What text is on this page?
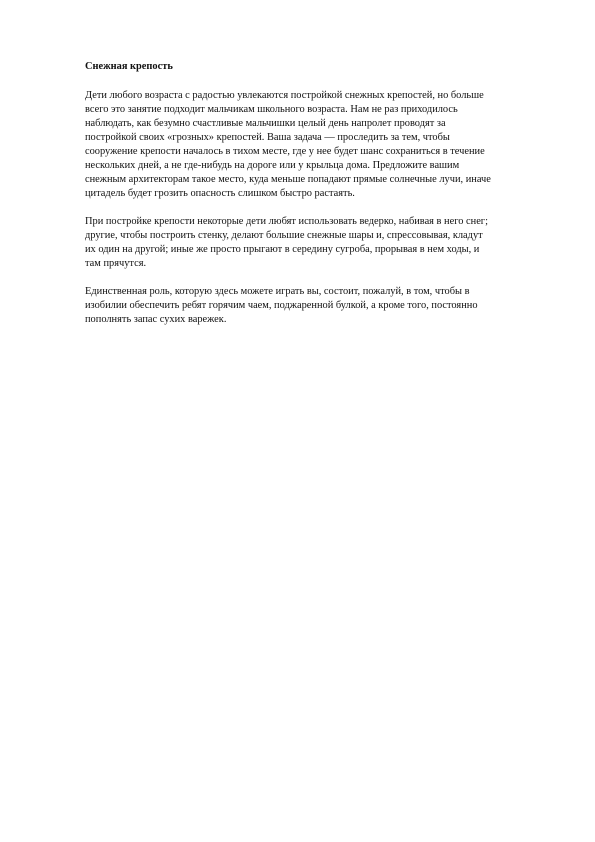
Снежная крепость

Дети любого возраста с радостью увлекаются постройкой снежных крепостей, но больше
всего это занятие подходит мальчикам школьного возраста. Нам не раз приходилось
наблюдать, как безумно счастливые мальчишки целый день напролет проводят за
постройкой своих «грозных» крепостей. Ваша задача — проследить за тем, чтобы
сооружение крепости началось в тихом месте, где у нее будет шанс сохраниться в течение
нескольких дней, а не где-нибудь на дороге или у крыльца дома. Предложите вашим
снежным архитекторам такое место, куда меньше попадают прямые солнечные лучи, иначе
цитадель будет грозить опасность слишком быстро растаять.

При постройке крепости некоторые дети любят использовать ведерко, набивая в него снег;
другие, чтобы построить стенку, делают большие снежные шары и, спрессовывая, кладут
их один на другой; иные же просто прыгают в середину сугроба, прорывая в нем ходы, и
там прячутся.

Единственная роль, которую здесь можете играть вы, состоит, пожалуй, в том, чтобы в
изобилии обеспечить ребят горячим чаем, поджаренной булкой, а кроме того, постоянно
пополнять запас сухих варежек.
